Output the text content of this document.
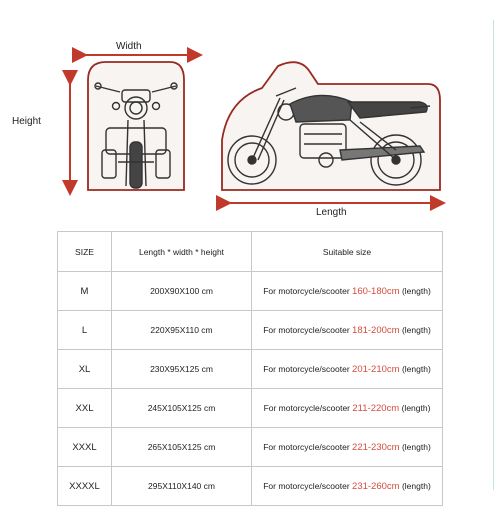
Width
Height
Length
SIZE	Length * width * height	Suitable size
M	200X90X100 cm	For motorcycle/scooter 160-180cm (length)
L	220X95X110 cm	For motorcycle/scooter 181-200cm (length)
XL	230X95X125 cm	For motorcycle/scooter 201-210cm (length)
XXL	245X105X125 cm	For motorcycle/scooter 211-220cm (length)
XXXL	265X105X125 cm	For motorcycle/scooter 221-230cm (length)
XXXXL	295X110X140 cm	For motorcycle/scooter 231-260cm (length)
